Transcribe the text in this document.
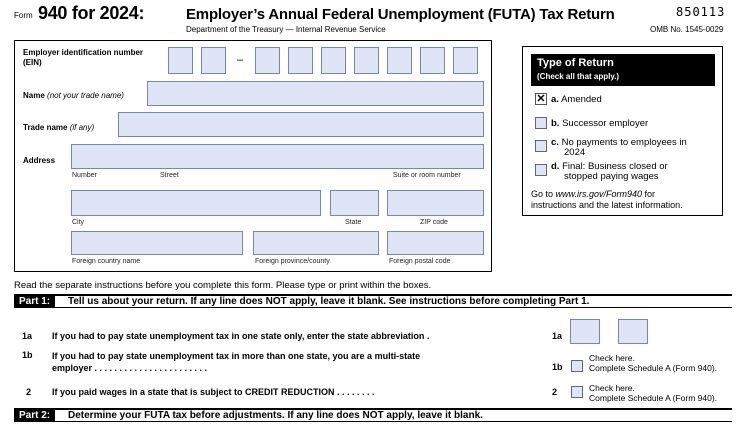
Form 940 for 2024:	Employer’s Annual Federal Unemployment (FUTA) Tax Return
Department of the Treasury — Internal Revenue Service
850113
OMB No. 1545-0029
Employer identification number
(EIN)	–
Name (not your trade name)
Trade name (if any)
Address
Number	Street	Suite or room number
City	State	ZIP code
Foreign country name	Foreign province/county	Foreign postal code
Type of Return
(Check all that apply.)
✕ a. Amended
b. Successor employer
c. No payments to employees in
2024
d. Final: Business closed or
stopped paying wages
Go to www.irs.gov/Form940 for
instructions and the latest information.
Read the separate instructions before you complete this form. Please type or print within the boxes.
Part 1:	Tell us about your return. If any line does NOT apply, leave it blank. See instructions before completing Part 1.
1a If you had to pay state unemployment tax in one state only, enter the state abbreviation .	1a
1b If you had to pay state unemployment tax in more than one state, you are a multi-state
employer . . . . . . . . . . . . . . . . . . . . . . .	1b
Check here.
Complete Schedule A (Form 940).
2 If you paid wages in a state that is subject to CREDIT REDUCTION . . . . . . . .	2	Check here.
Complete Schedule A (Form 940).
Part 2:	Determine your FUTA tax before adjustments. If any line does NOT apply, leave it blank.
